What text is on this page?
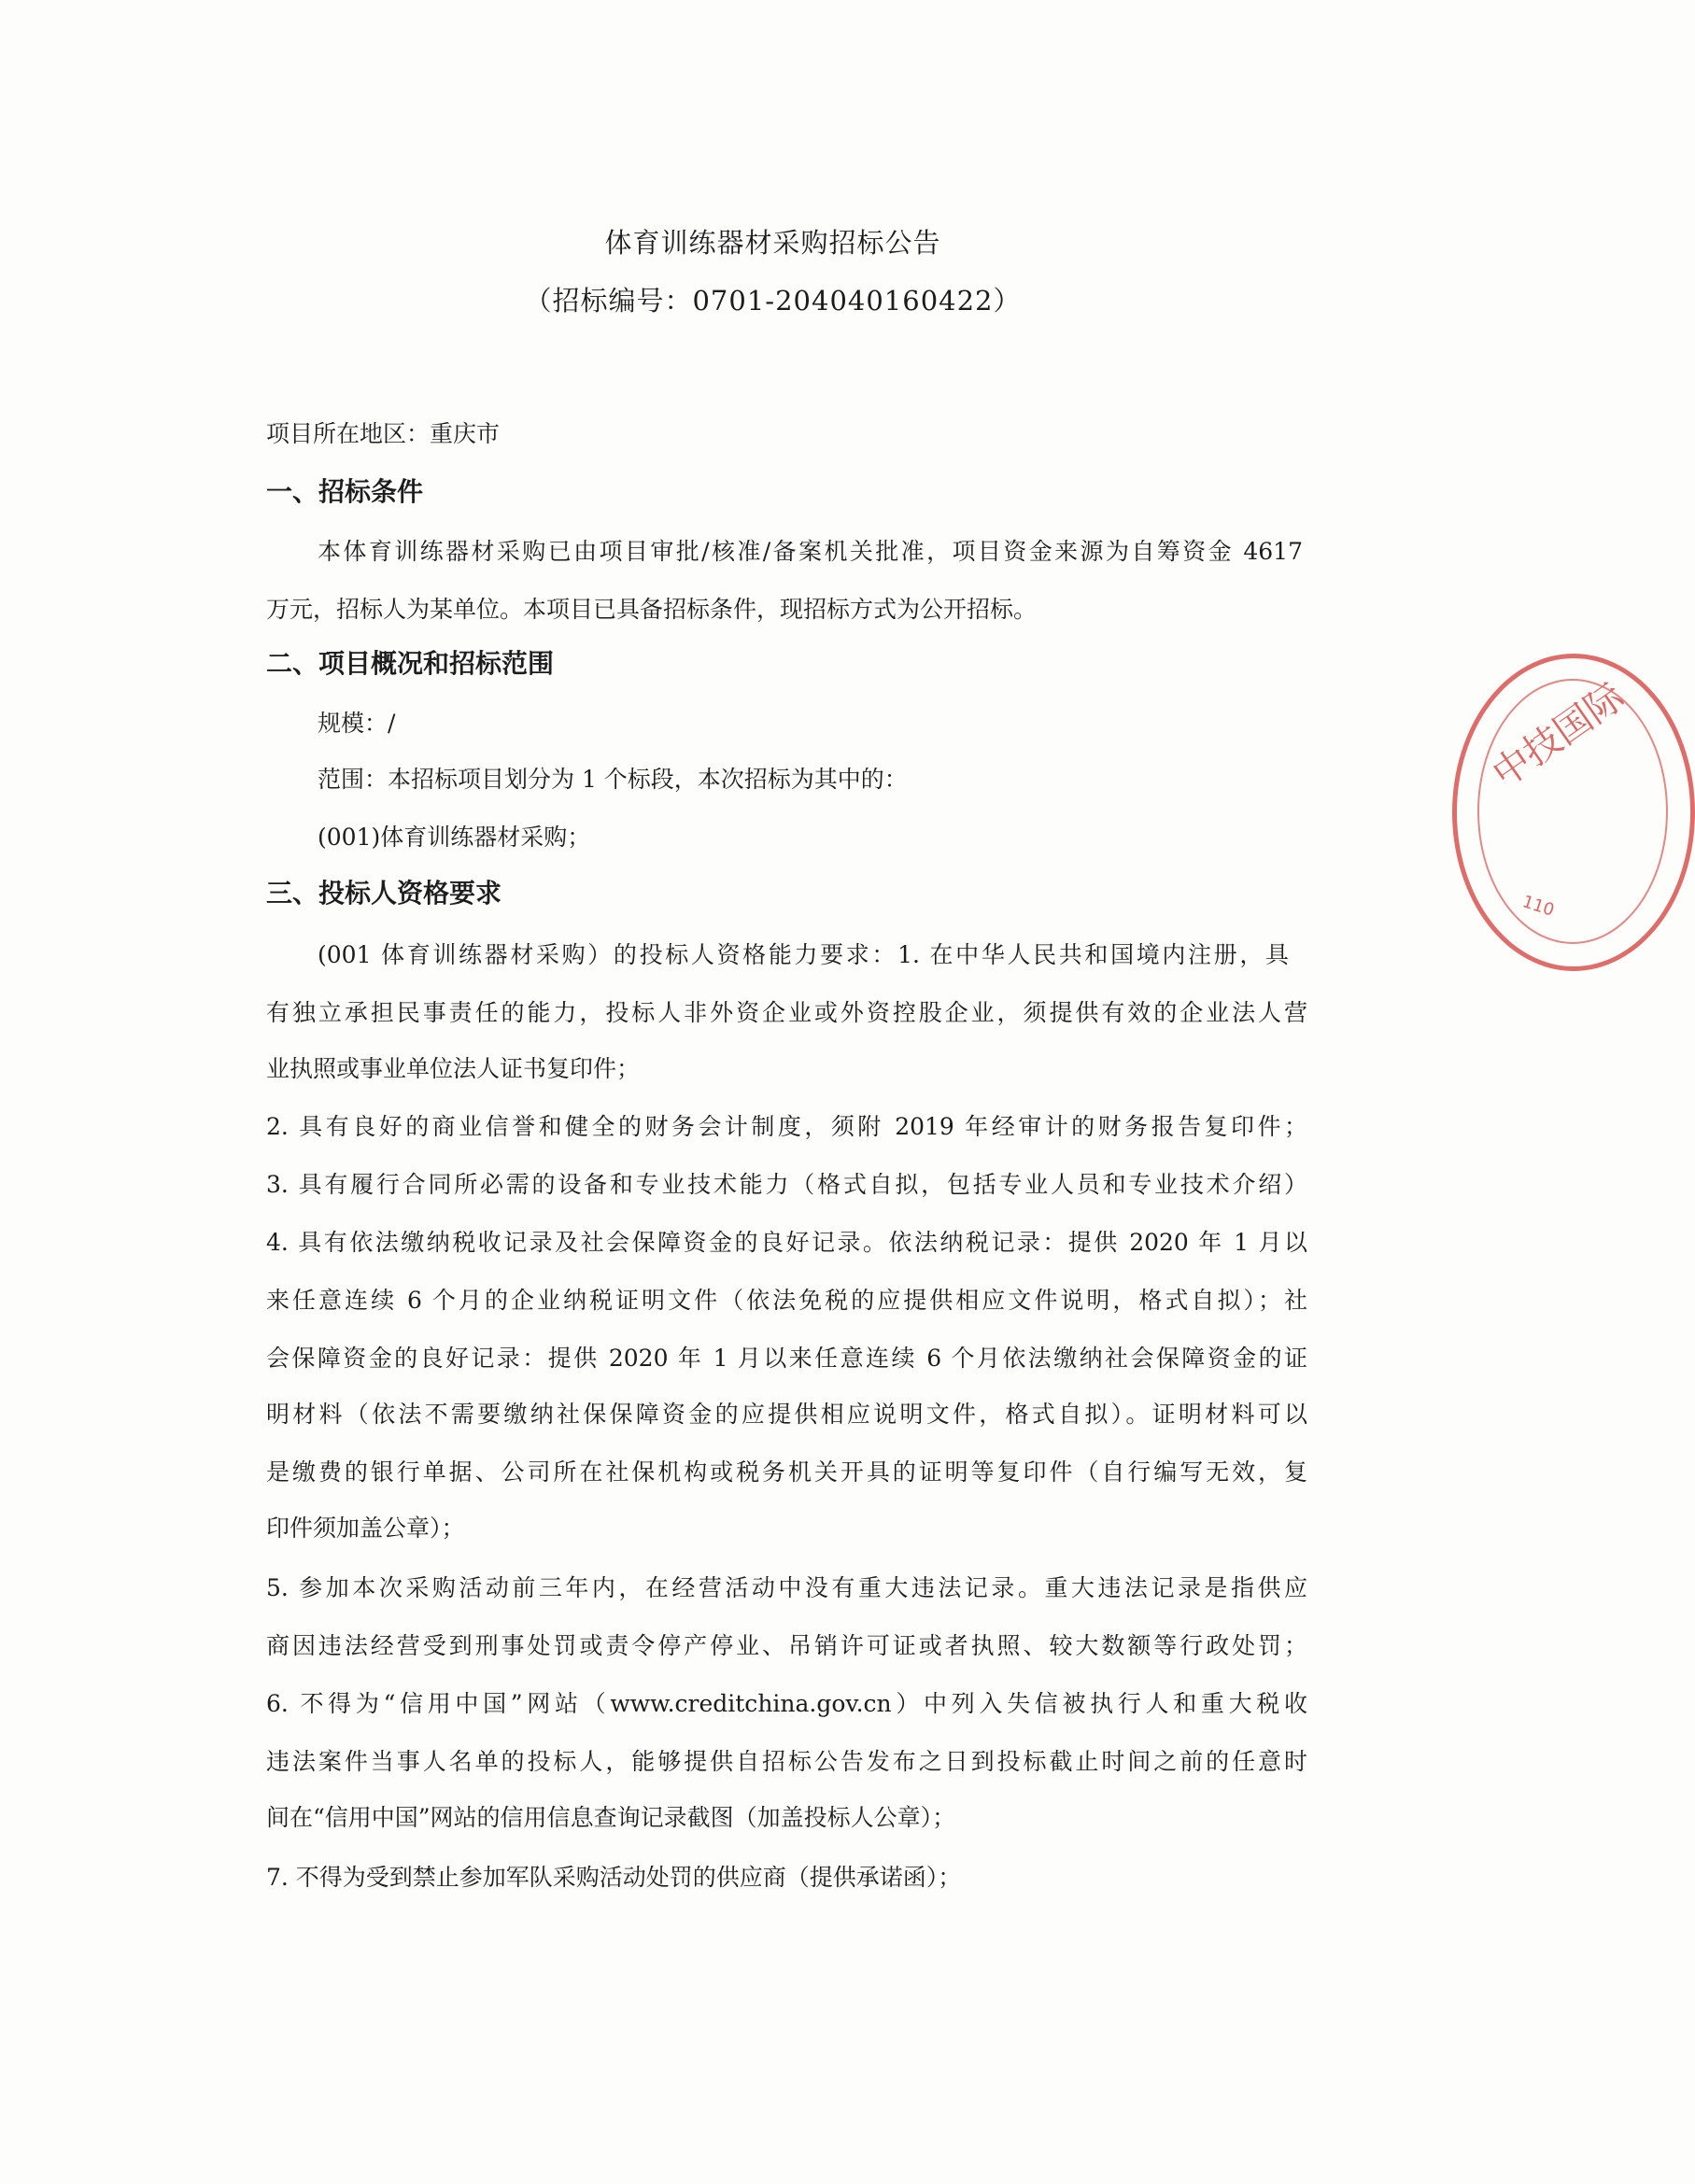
体育训练器材采购招标公告
（招标编号：0701-204040160422）
项目所在地区：重庆市
一、招标条件
本体育训练器材采购已由项目审批/核准/备案机关批准，项目资金来源为自筹资金 4617
万元，招标人为某单位。本项目已具备招标条件，现招标方式为公开招标。
二、项目概况和招标范围
规模：/
范围：本招标项目划分为 1 个标段，本次招标为其中的：
(001)体育训练器材采购；
三、投标人资格要求
(001 体育训练器材采购）的投标人资格能力要求：1. 在中华人民共和国境内注册，具
有独立承担民事责任的能力，投标人非外资企业或外资控股企业，须提供有效的企业法人营
业执照或事业单位法人证书复印件；
2. 具有良好的商业信誉和健全的财务会计制度，须附 2019 年经审计的财务报告复印件；
3. 具有履行合同所必需的设备和专业技术能力（格式自拟，包括专业人员和专业技术介绍）
4. 具有依法缴纳税收记录及社会保障资金的良好记录。依法纳税记录：提供 2020 年 1 月以
来任意连续 6 个月的企业纳税证明文件（依法免税的应提供相应文件说明，格式自拟）；社
会保障资金的良好记录：提供 2020 年 1 月以来任意连续 6 个月依法缴纳社会保障资金的证
明材料（依法不需要缴纳社保保障资金的应提供相应说明文件，格式自拟）。证明材料可以
是缴费的银行单据、公司所在社保机构或税务机关开具的证明等复印件（自行编写无效，复
印件须加盖公章）；
5. 参加本次采购活动前三年内，在经营活动中没有重大违法记录。重大违法记录是指供应
商因违法经营受到刑事处罚或责令停产停业、吊销许可证或者执照、较大数额等行政处罚；
6. 不得为“信用中国”网站（www.creditchina.gov.cn）中列入失信被执行人和重大税收
违法案件当事人名单的投标人，能够提供自招标公告发布之日到投标截止时间之前的任意时
间在“信用中国”网站的信用信息查询记录截图（加盖投标人公章）；
7. 不得为受到禁止参加军队采购活动处罚的供应商（提供承诺函）；
中技国际
110
